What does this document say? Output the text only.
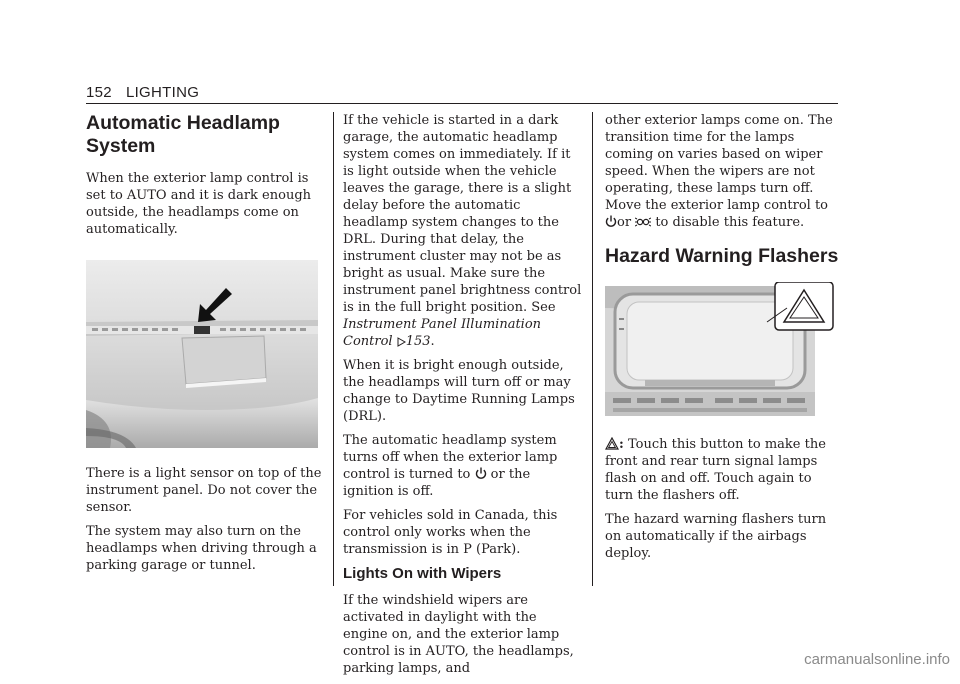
152 LIGHTING
Automatic Headlamp System

When the exterior lamp control is set to AUTO and it is dark enough outside, the headlamps come on automatically.

There is a light sensor on top of the instrument panel. Do not cover the sensor.

The system may also turn on the headlamps when driving through a parking garage or tunnel.

If the vehicle is started in a dark garage, the automatic headlamp system comes on immediately. If it is light outside when the vehicle leaves the garage, there is a slight delay before the automatic headlamp system changes to the DRL. During that delay, the instrument cluster may not be as bright as usual. Make sure the instrument panel brightness control is in the full bright position. See Instrument Panel Illumination Control 153.

When it is bright enough outside, the headlamps will turn off or may change to Daytime Running Lamps (DRL).

The automatic headlamp system turns off when the exterior lamp control is turned to or the ignition is off.

For vehicles sold in Canada, this control only works when the transmission is in P (Park).

Lights On with Wipers

If the windshield wipers are activated in daylight with the engine on, and the exterior lamp control is in AUTO, the headlamps, parking lamps, and

other exterior lamps come on. The transition time for the lamps coming on varies based on wiper speed. When the wipers are not operating, these lamps turn off. Move the exterior lamp control to or to disable this feature.

Hazard Warning Flashers

: Touch this button to make the front and rear turn signal lamps flash on and off. Touch again to turn the flashers off.

The hazard warning flashers turn on automatically if the airbags deploy.

carmanualsonline.info
